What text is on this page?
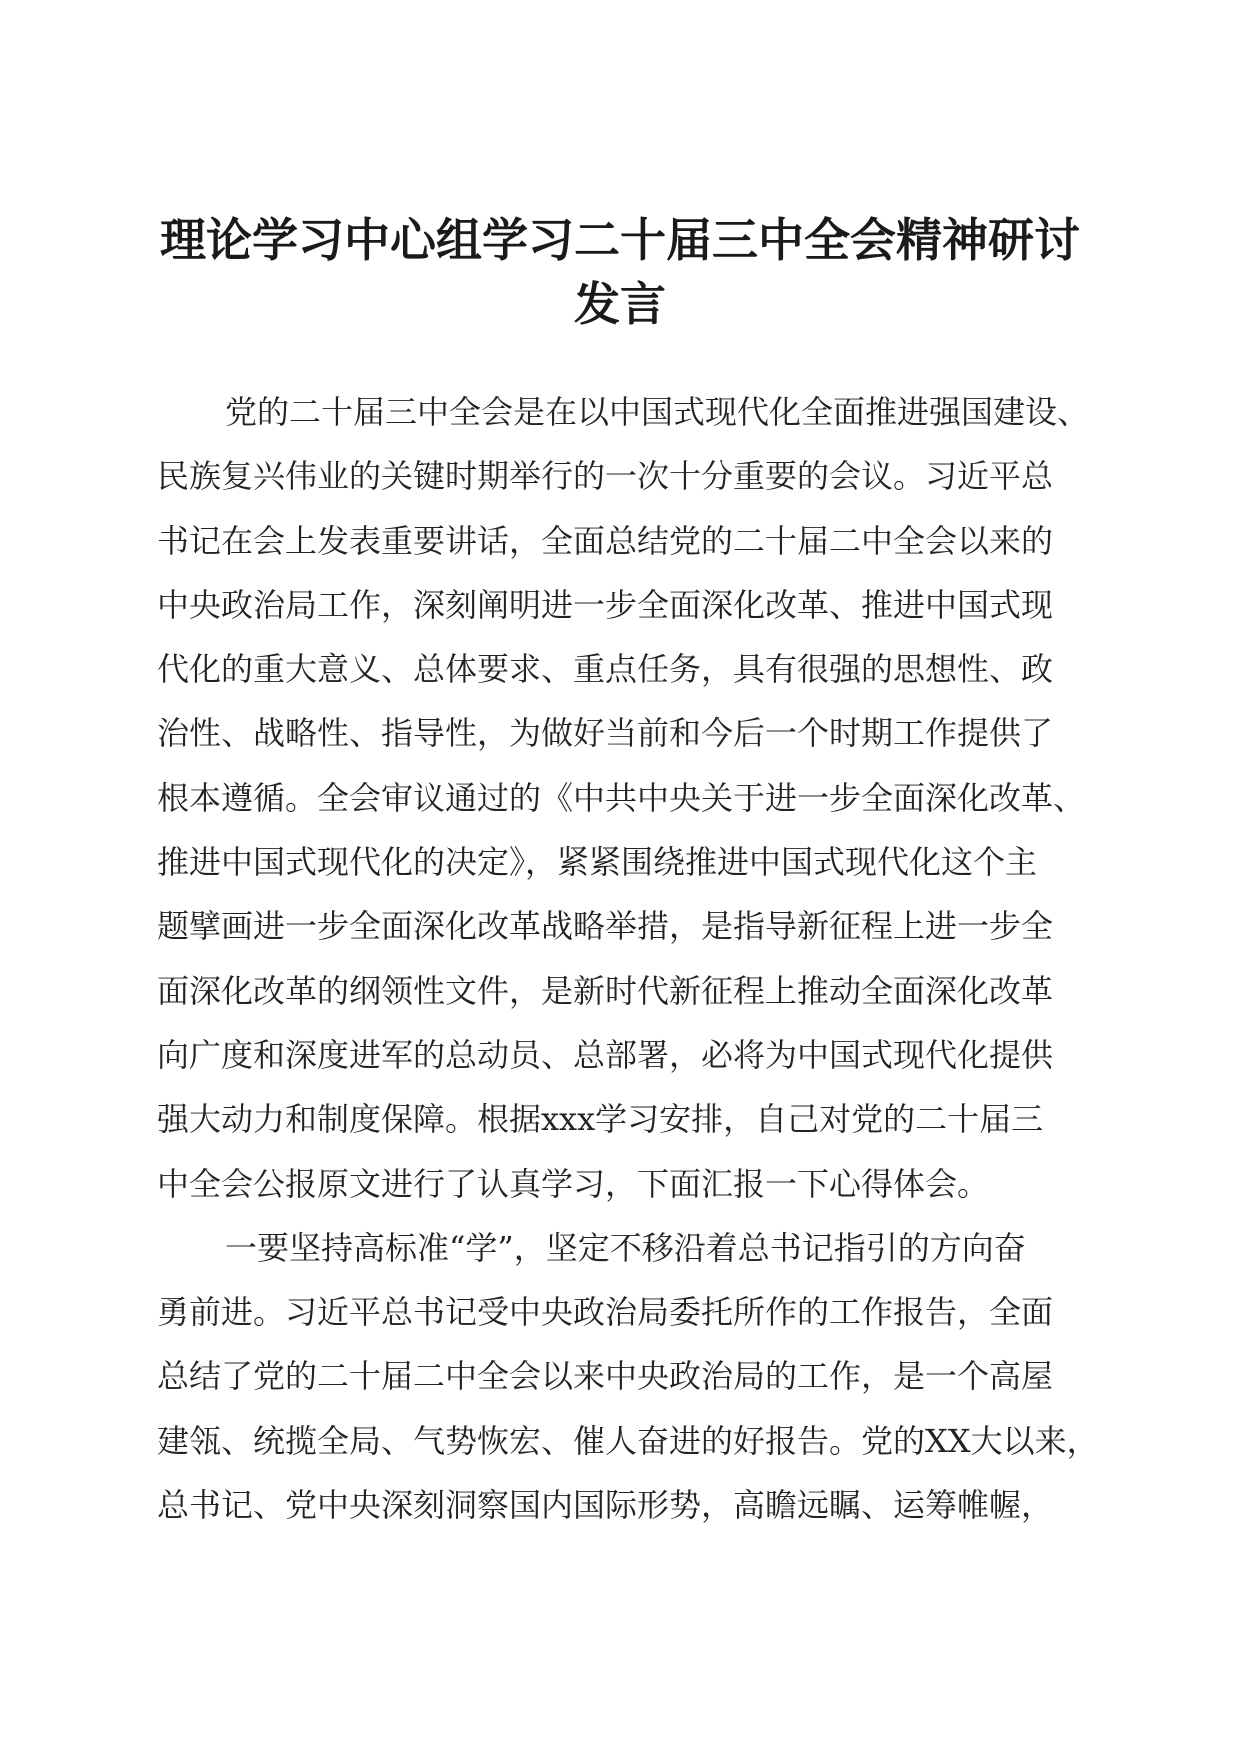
理论学习中心组学习二十届三中全会精神研讨
发言
党的二十届三中全会是在以中国式现代化全面推进强国建设、
民族复兴伟业的关键时期举行的一次十分重要的会议。习近平总
书记在会上发表重要讲话，全面总结党的二十届二中全会以来的
中央政治局工作，深刻阐明进一步全面深化改革、推进中国式现
代化的重大意义、总体要求、重点任务，具有很强的思想性、政
治性、战略性、指导性，为做好当前和今后一个时期工作提供了
根本遵循。全会审议通过的《中共中央关于进一步全面深化改革、
推进中国式现代化的决定》，紧紧围绕推进中国式现代化这个主
题擘画进一步全面深化改革战略举措，是指导新征程上进一步全
面深化改革的纲领性文件，是新时代新征程上推动全面深化改革
向广度和深度进军的总动员、总部署，必将为中国式现代化提供
强大动力和制度保障。根据xxx学习安排，自己对党的二十届三
中全会公报原文进行了认真学习，下面汇报一下心得体会。
一要坚持高标准“学”，坚定不移沿着总书记指引的方向奋
勇前进。习近平总书记受中央政治局委托所作的工作报告，全面
总结了党的二十届二中全会以来中央政治局的工作，是一个高屋
建瓴、统揽全局、气势恢宏、催人奋进的好报告。党的XX大以来，
总书记、党中央深刻洞察国内国际形势，高瞻远瞩、运筹帷幄，
